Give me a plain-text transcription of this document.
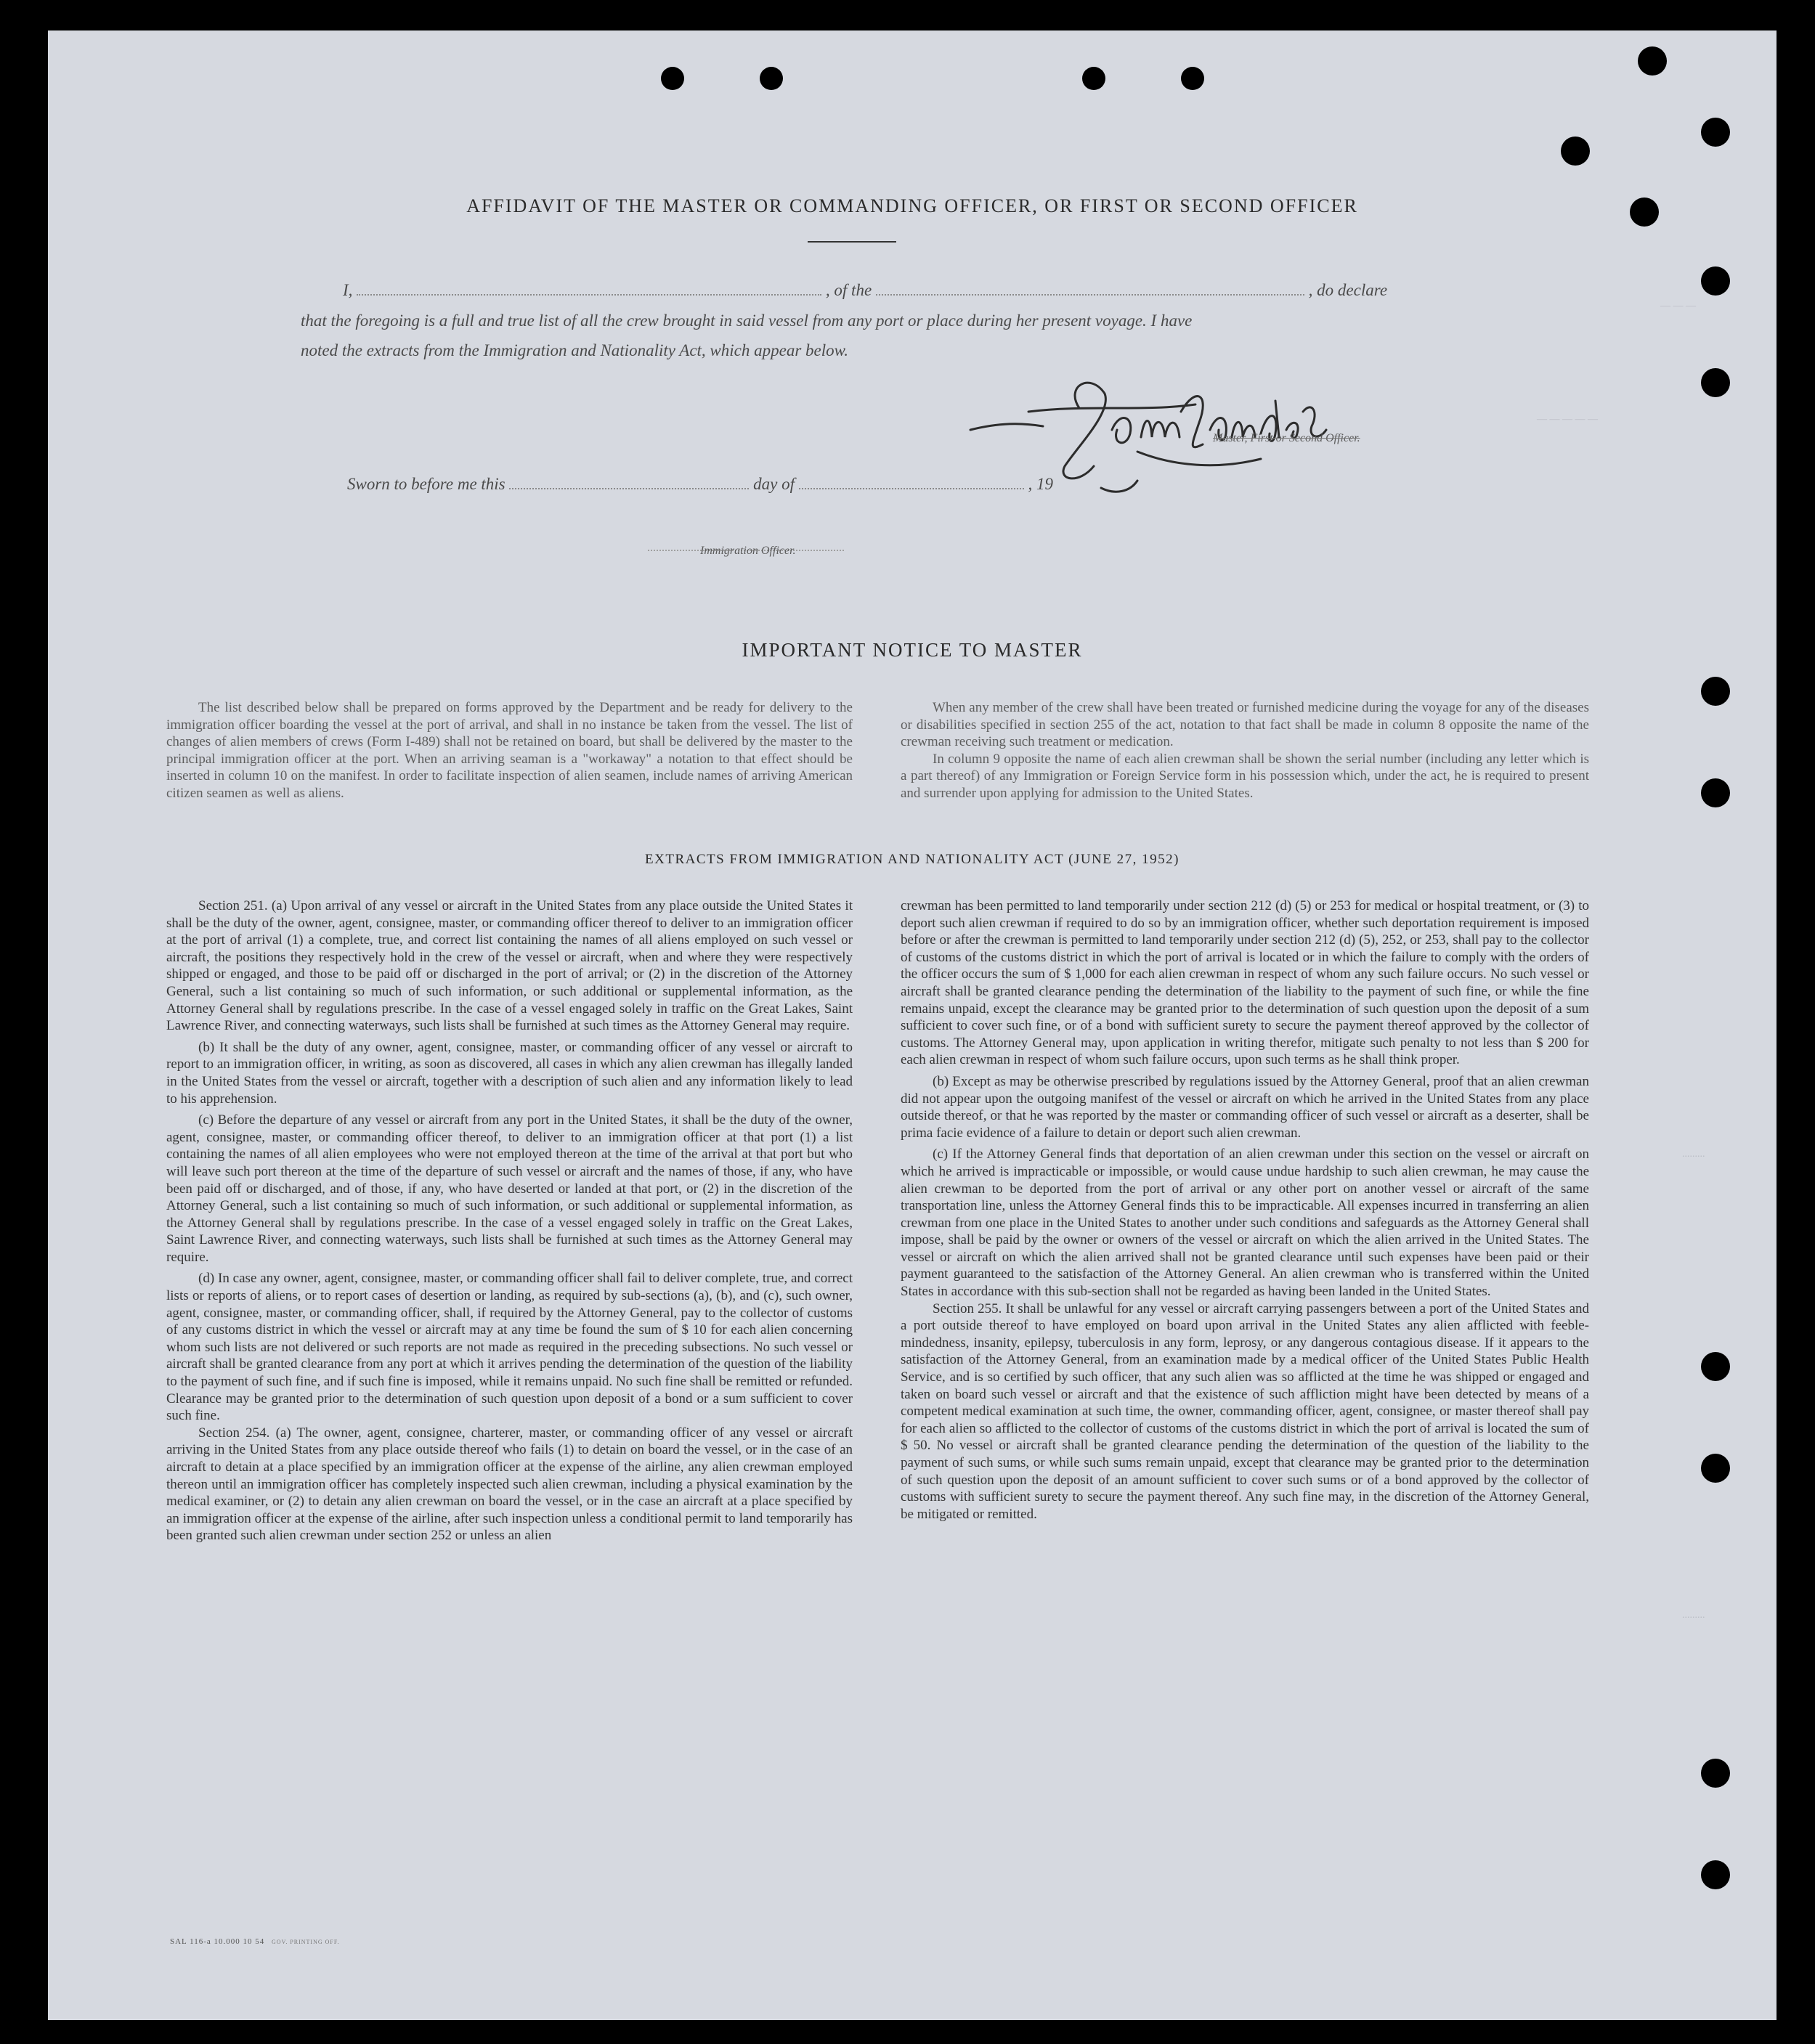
— — —
— — — — —
.........
.........
AFFIDAVIT OF THE MASTER OR COMMANDING OFFICER, OR FIRST OR SECOND OFFICER
I,	, of the	, do declare
that the foregoing is a full and true list of all the crew brought in said vessel from any port or place during her present voyage. I have
noted the extracts from the Immigration and Nationality Act, which appear below.
Master, First or Second Officer.
Sworn to before me this	day of	, 19
Immigration Officer.
IMPORTANT NOTICE TO MASTER

The list described below shall be prepared on forms approved by the Department and be ready for delivery to the immigration officer boarding the vessel at the port of arrival, and shall in no instance be taken from the vessel. The list of changes of alien members of crews (Form I-489) shall not be retained on board, but shall be delivered by the master to the principal immigration officer at the port. When an arriving seaman is a "workaway" a notation to that effect should be inserted in column 10 on the manifest. In order to facilitate inspection of alien seamen, include names of arriving American citizen seamen as well as aliens.

When any member of the crew shall have been treated or furnished medicine during the voyage for any of the diseases or disabilities specified in section 255 of the act, notation to that fact shall be made in column 8 opposite the name of the crewman receiving such treatment or medication.

In column 9 opposite the name of each alien crewman shall be shown the serial number (including any letter which is a part thereof) of any Immigration or Foreign Service form in his possession which, under the act, he is required to present and surrender upon applying for admission to the United States.

EXTRACTS FROM IMMIGRATION AND NATIONALITY ACT (JUNE 27, 1952)

Section 251. (a) Upon arrival of any vessel or aircraft in the United States from any place outside the United States it shall be the duty of the owner, agent, consignee, master, or commanding officer thereof to deliver to an immigration officer at the port of arrival (1) a complete, true, and correct list containing the names of all aliens employed on such vessel or aircraft, the positions they respectively hold in the crew of the vessel or aircraft, when and where they were respectively shipped or engaged, and those to be paid off or discharged in the port of arrival; or (2) in the discretion of the Attorney General, such a list containing so much of such information, or such additional or supplemental information, as the Attorney General shall by regulations prescribe. In the case of a vessel engaged solely in traffic on the Great Lakes, Saint Lawrence River, and connecting waterways, such lists shall be furnished at such times as the Attorney General may require.

(b) It shall be the duty of any owner, agent, consignee, master, or commanding officer of any vessel or aircraft to report to an immigration officer, in writing, as soon as discovered, all cases in which any alien crewman has illegally landed in the United States from the vessel or aircraft, together with a description of such alien and any information likely to lead to his apprehension.

(c) Before the departure of any vessel or aircraft from any port in the United States, it shall be the duty of the owner, agent, consignee, master, or commanding officer thereof, to deliver to an immigration officer at that port (1) a list containing the names of all alien employees who were not employed thereon at the time of the arrival at that port but who will leave such port thereon at the time of the departure of such vessel or aircraft and the names of those, if any, who have been paid off or discharged, and of those, if any, who have deserted or landed at that port, or (2) in the discretion of the Attorney General, such a list containing so much of such information, or such additional or supplemental information, as the Attorney General shall by regulations prescribe. In the case of a vessel engaged solely in traffic on the Great Lakes, Saint Lawrence River, and connecting waterways, such lists shall be furnished at such times as the Attorney General may require.

(d) In case any owner, agent, consignee, master, or commanding officer shall fail to deliver complete, true, and correct lists or reports of aliens, or to report cases of desertion or landing, as required by sub-sections (a), (b), and (c), such owner, agent, consignee, master, or commanding officer, shall, if required by the Attorney General, pay to the collector of customs of any customs district in which the vessel or aircraft may at any time be found the sum of $ 10 for each alien concerning whom such lists are not delivered or such reports are not made as required in the preceding subsections. No such vessel or aircraft shall be granted clearance from any port at which it arrives pending the determination of the question of the liability to the payment of such fine, and if such fine is imposed, while it remains unpaid. No such fine shall be remitted or refunded. Clearance may be granted prior to the determination of such question upon deposit of a bond or a sum sufficient to cover such fine.

Section 254. (a) The owner, agent, consignee, charterer, master, or commanding officer of any vessel or aircraft arriving in the United States from any place outside thereof who fails (1) to detain on board the vessel, or in the case of an aircraft to detain at a place specified by an immigration officer at the expense of the airline, any alien crewman employed thereon until an immigration officer has completely inspected such alien crewman, including a physical examination by the medical examiner, or (2) to detain any alien crewman on board the vessel, or in the case an aircraft at a place specified by an immigration officer at the expense of the airline, after such inspection unless a conditional permit to land temporarily has been granted such alien crewman under section 252 or unless an alien

crewman has been permitted to land temporarily under section 212 (d) (5) or 253 for medical or hospital treatment, or (3) to deport such alien crewman if required to do so by an immigration officer, whether such deportation requirement is imposed before or after the crewman is permitted to land temporarily under section 212 (d) (5), 252, or 253, shall pay to the collector of customs of the customs district in which the port of arrival is located or in which the failure to comply with the orders of the officer occurs the sum of $ 1,000 for each alien crewman in respect of whom any such failure occurs. No such vessel or aircraft shall be granted clearance pending the determination of the liability to the payment of such fine, or while the fine remains unpaid, except the clearance may be granted prior to the determination of such question upon the deposit of a sum sufficient to cover such fine, or of a bond with sufficient surety to secure the payment thereof approved by the collector of customs. The Attorney General may, upon application in writing therefor, mitigate such penalty to not less than $ 200 for each alien crewman in respect of whom such failure occurs, upon such terms as he shall think proper.

(b) Except as may be otherwise prescribed by regulations issued by the Attorney General, proof that an alien crewman did not appear upon the outgoing manifest of the vessel or aircraft on which he arrived in the United States from any place outside thereof, or that he was reported by the master or commanding officer of such vessel or aircraft as a deserter, shall be prima facie evidence of a failure to detain or deport such alien crewman.

(c) If the Attorney General finds that deportation of an alien crewman under this section on the vessel or aircraft on which he arrived is impracticable or impossible, or would cause undue hardship to such alien crewman, he may cause the alien crewman to be deported from the port of arrival or any other port on another vessel or aircraft of the same transportation line, unless the Attorney General finds this to be impracticable. All expenses incurred in transferring an alien crewman from one place in the United States to another under such conditions and safeguards as the Attorney General shall impose, shall be paid by the owner or owners of the vessel or aircraft on which the alien arrived in the United States. The vessel or aircraft on which the alien arrived shall not be granted clearance until such expenses have been paid or their payment guaranteed to the satisfaction of the Attorney General. An alien crewman who is transferred within the United States in accordance with this sub-section shall not be regarded as having been landed in the United States.

Section 255. It shall be unlawful for any vessel or aircraft carrying passengers between a port of the United States and a port outside thereof to have employed on board upon arrival in the United States any alien afflicted with feeble-mindedness, insanity, epilepsy, tuberculosis in any form, leprosy, or any dangerous contagious disease. If it appears to the satisfaction of the Attorney General, from an examination made by a medical officer of the United States Public Health Service, and is so certified by such officer, that any such alien was so afflicted at the time he was shipped or engaged and taken on board such vessel or aircraft and that the existence of such affliction might have been detected by means of a competent medical examination at such time, the owner, commanding officer, agent, consignee, or master thereof shall pay for each alien so afflicted to the collector of customs of the customs district in which the port of arrival is located the sum of $ 50. No vessel or aircraft shall be granted clearance pending the determination of the question of the liability to the payment of such sums, or while such sums remain unpaid, except that clearance may be granted prior to the determination of such question upon the deposit of an amount sufficient to cover such sums or of a bond approved by the collector of customs with sufficient surety to secure the payment thereof. Any such fine may, in the discretion of the Attorney General, be mitigated or remitted.

SAL 116-a 10.000 10 54 GOV. PRINTING OFF.
